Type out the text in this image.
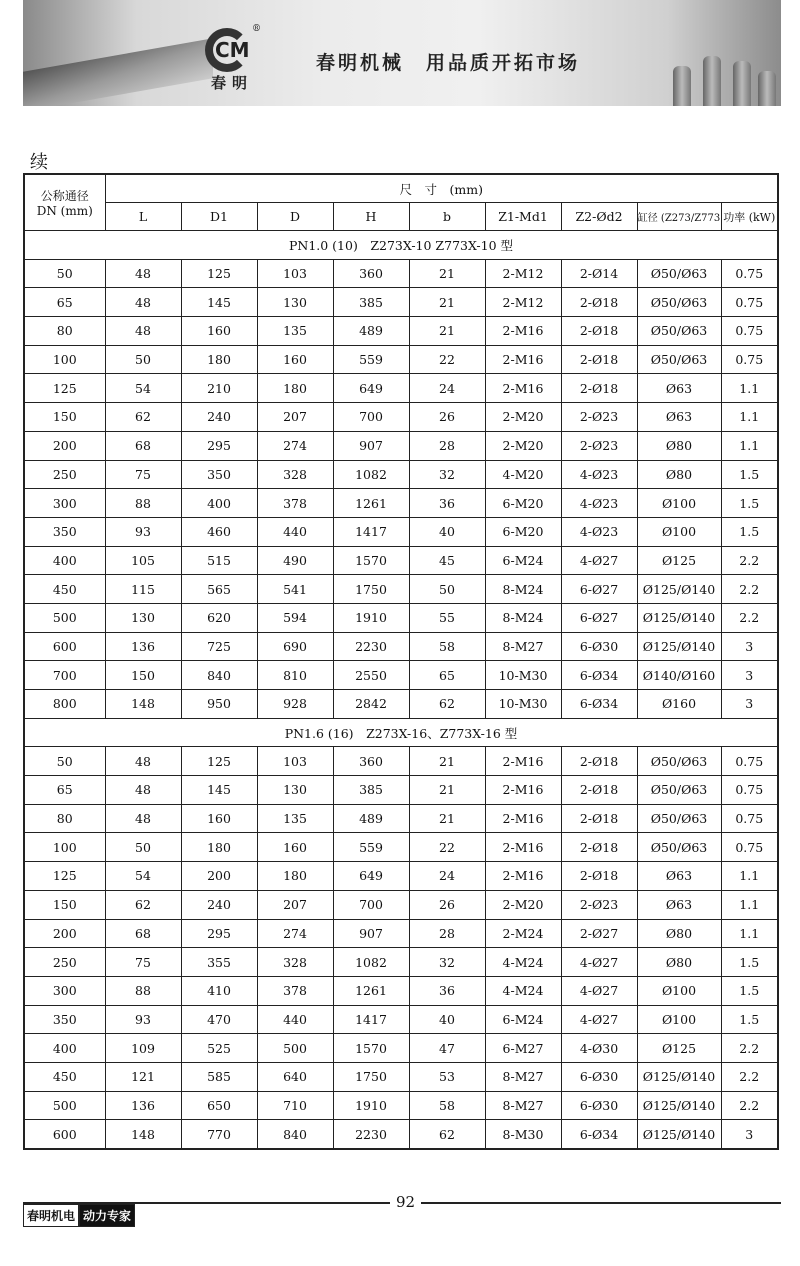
CM
®
春明
春明机械　用品质开拓市场
续
公称通径 DN (mm)	尺　寸　(mm)								
	L	D1	D	H	b	Z1-Md1	Z2-Ød2	缸径 (Z273/Z773	功率 (kW)
PN1.0 (10)　Z273X-10 Z773X-10 型									
50	48	125	103	360	21	2-M12	2-Ø14	Ø50/Ø63	0.75
65	48	145	130	385	21	2-M12	2-Ø18	Ø50/Ø63	0.75
80	48	160	135	489	21	2-M16	2-Ø18	Ø50/Ø63	0.75
100	50	180	160	559	22	2-M16	2-Ø18	Ø50/Ø63	0.75
125	54	210	180	649	24	2-M16	2-Ø18	Ø63	1.1
150	62	240	207	700	26	2-M20	2-Ø23	Ø63	1.1
200	68	295	274	907	28	2-M20	2-Ø23	Ø80	1.1
250	75	350	328	1082	32	4-M20	4-Ø23	Ø80	1.5
300	88	400	378	1261	36	6-M20	4-Ø23	Ø100	1.5
350	93	460	440	1417	40	6-M20	4-Ø23	Ø100	1.5
400	105	515	490	1570	45	6-M24	4-Ø27	Ø125	2.2
450	115	565	541	1750	50	8-M24	6-Ø27	Ø125/Ø140	2.2
500	130	620	594	1910	55	8-M24	6-Ø27	Ø125/Ø140	2.2
600	136	725	690	2230	58	8-M27	6-Ø30	Ø125/Ø140	3
700	150	840	810	2550	65	10-M30	6-Ø34	Ø140/Ø160	3
800	148	950	928	2842	62	10-M30	6-Ø34	Ø160	3
PN1.6 (16)　Z273X-16、Z773X-16 型									
50	48	125	103	360	21	2-M16	2-Ø18	Ø50/Ø63	0.75
65	48	145	130	385	21	2-M16	2-Ø18	Ø50/Ø63	0.75
80	48	160	135	489	21	2-M16	2-Ø18	Ø50/Ø63	0.75
100	50	180	160	559	22	2-M16	2-Ø18	Ø50/Ø63	0.75
125	54	200	180	649	24	2-M16	2-Ø18	Ø63	1.1
150	62	240	207	700	26	2-M20	2-Ø23	Ø63	1.1
200	68	295	274	907	28	2-M24	2-Ø27	Ø80	1.1
250	75	355	328	1082	32	4-M24	4-Ø27	Ø80	1.5
300	88	410	378	1261	36	4-M24	4-Ø27	Ø100	1.5
350	93	470	440	1417	40	6-M24	4-Ø27	Ø100	1.5
400	109	525	500	1570	47	6-M27	4-Ø30	Ø125	2.2
450	121	585	640	1750	53	8-M27	6-Ø30	Ø125/Ø140	2.2
500	136	650	710	1910	58	8-M27	6-Ø30	Ø125/Ø140	2.2
600	148	770	840	2230	62	8-M30	6-Ø34	Ø125/Ø140	3
92
春明机电 动力专家
